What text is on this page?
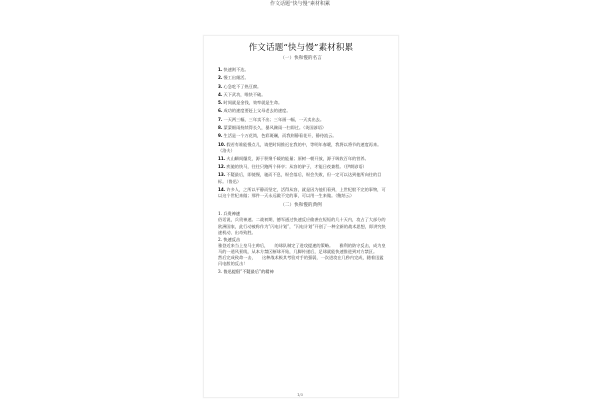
作文话题“快与慢”素材积累
作文话题“快与慢”素材积累
（一）快和慢的名言
1.快速则不达。
2.慢工出细活。
3.心急吃不了热豆腐。
4.天下武功，唯快不破。
5.时间就是金钱，效率就是生命。
6.成功的速度要赶上父母老去的速度。
7.一天两三幅，三年卖不出；三年画一幅，一天卖出去。
8.蒙蒙细雨持续得长久，暴风骤雨一扫即过。（英国谚语）
9.生活是一个万花筒，色彩斑斓，而我则静看花开，静待流云。
10.假若有谁能慢点儿，请把时间推迟在我的中，等明年春暖，我将以将节的速度再来。（洛夫）
11.火山瞬间爆发，源于积聚千载的能量；原树一朝开放，源于吸收百年的营养。
12.疾驰的快马，往往只跑两个驿亭；从容的驴子，才能日夜兼程。（伊朗谚语）
13.不疑最后，即使慢，驰而不息，纵会落后，纵会失败，但一定可以达到他所向往的目标。（鲁迅）
14.许多人，之所以平静而坚定，活得从容，就是因为他们看到，上世纪般不完的事物，可以这个世纪来做；那件一天永远做不完的事，可以用一生来做。（鲍培云）
（二）快和慢的典例
1. 兵贵神速
俗话说，兵贵神速。二战初期，德军通过快速反应偷袭在短短的几十天内，攻占了大部分的欧洲国家，此行动被称作为“闪电计划”，“闪电计划”开创了一种全新的战术思想，即讲究快速机动、出奇致胜。
2. 快速反击
雅登近来当上皇马主帅后，　　的球队制定了进攻提速的策略。　　雅利的防守反击，成为皇马的一道风景线，从本方禁区断球开始，几脚传递后，足球就能快速推进到对方禁区。　　然后完成致命一击，　　这种战术极其考验对手的强弱，一次进攻在几秒内完成，随着迅猛闪电般的反击！
3. 鲁迅提倡“不疑最后”的精神
1/3
